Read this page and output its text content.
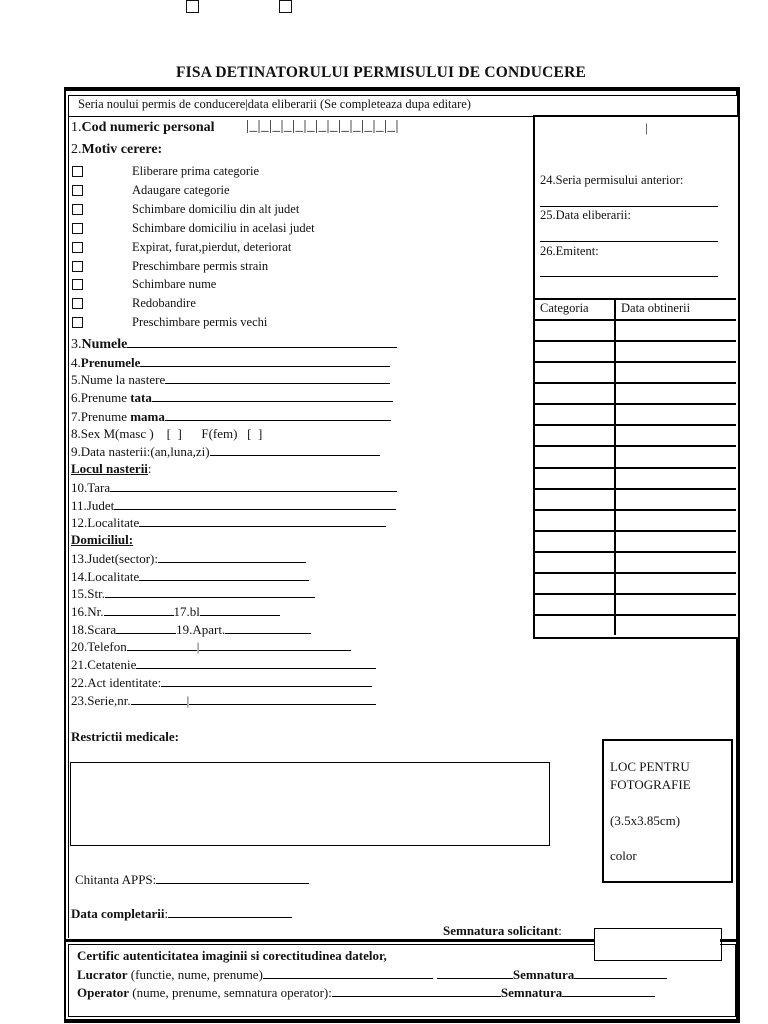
FISA DETINATORULUI PERMISULUI DE CONDUCERE
Seria noului permis de conducere|data eliberarii (Se completeaza dupa editare)
|
24.Seria permisului anterior:
25.Data eliberarii:
26.Emitent:
Categoria	Data obtinerii
1.Cod numeric personal |_|_|_|_|_|_|_|_|_|_|_|_|_|
2.Motiv cerere:
Eliberare prima categorie
Adaugare categorie
Schimbare domiciliu din alt judet
Schimbare domiciliu in acelasi judet
Expirat, furat,pierdut, deteriorat
Preschimbare permis strain
Schimbare nume
Redobandire
Preschimbare permis vechi
3.Numele
4.Prenumele
5.Nume la nastere
6.Prenume tata
7.Prenume mama
8.Sex M(masc )    [  ]      F(fem)   [  ]
9.Data nasterii:(an,luna,zi)
Locul nasterii:
10.Tara
11.Judet
12.Localitate
Domiciliul:
13.Judet(sector):
14.Localitate
15.Str.
16.Nr.	17.bl
18.Scara	19.Apart.
20.Telefon	|
21.Cetatenie
22.Act identitate:
23.Serie,nr.	|
Restrictii medicale:
LOC PENTRU
FOTOGRAFIE
(3.5x3.85cm)
color
Chitanta APPS:
Data completarii:
Semnatura solicitant:
Certific autenticitatea imaginii si corectitudinea datelor,
Lucrator (functie, nume, prenume)	Semnatura
Operator (nume, prenume, semnatura operator):	Semnatura
